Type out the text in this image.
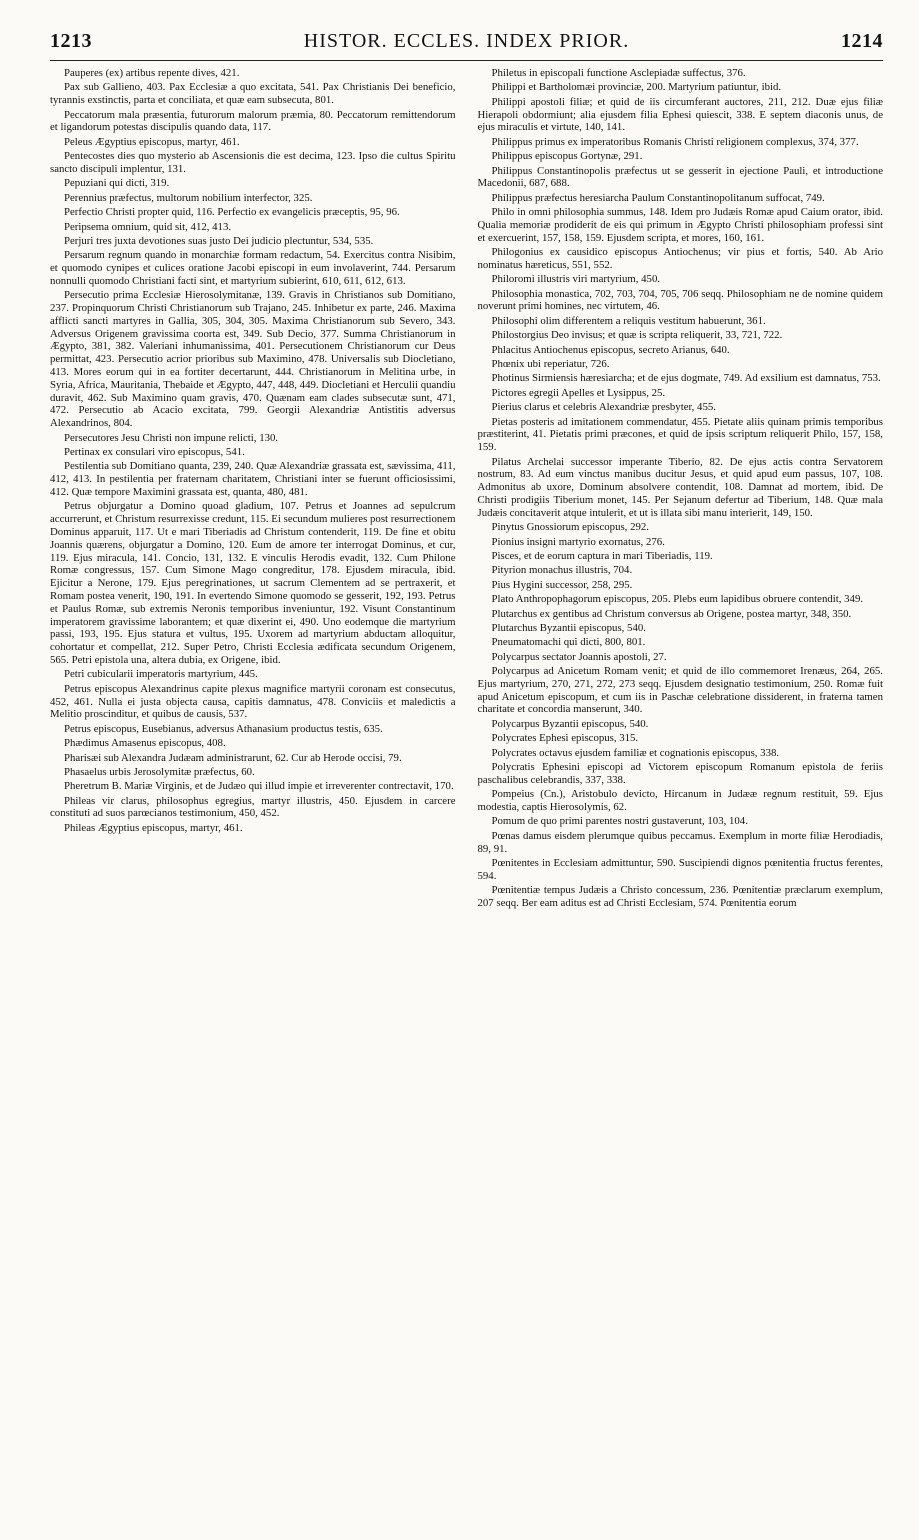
1213	HISTOR. ECCLES. INDEX PRIOR.	1214

Pauperes (ex) artibus repente dives, 421.

Pax sub Gallieno, 403. Pax Ecclesiæ a quo excitata, 541. Pax Christianis Dei beneficio, tyrannis exstinctis, parta et conciliata, et quæ eam subsecuta, 801.

Peccatorum mala præsentia, futurorum malorum præmia, 80. Peccatorum remittendorum et ligandorum potestas discipulis quando data, 117.

Peleus Ægyptius episcopus, martyr, 461.

Pentecostes dies quo mysterio ab Ascensionis die est decima, 123. Ipso die cultus Spiritu sancto discipuli implentur, 131.

Pepuziani qui dicti, 319.

Perennius præfectus, multorum nobilium interfector, 325.

Perfectio Christi propter quid, 116. Perfectio ex evangelicis præceptis, 95, 96.

Peripsema omnium, quid sit, 412, 413.

Perjuri tres juxta devotiones suas justo Dei judicio plectuntur, 534, 535.

Persarum regnum quando in monarchiæ formam redactum, 54. Exercitus contra Nisibim, et quomodo cynipes et culices oratione Jacobi episcopi in eum involaverint, 744. Persarum nonnulli quomodo Christiani facti sint, et martyrium subierint, 610, 611, 612, 613.

Persecutio prima Ecclesiæ Hierosolymitanæ, 139. Gravis in Christianos sub Domitiano, 237. Propinquorum Christi Christianorum sub Trajano, 245. Inhibetur ex parte, 246. Maxima afflicti sancti martyres in Gallia, 305, 304, 305. Maxima Christianorum sub Severo, 343. Adversus Origenem gravissima coorta est, 349. Sub Decio, 377. Summa Christianorum in Ægypto, 381, 382. Valeriani inhumanissima, 401. Persecutionem Christianorum cur Deus permittat, 423. Persecutio acrior prioribus sub Maximino, 478. Universalis sub Diocletiano, 413. Mores eorum qui in ea fortiter decertarunt, 444. Christianorum in Melitina urbe, in Syria, Africa, Mauritania, Thebaide et Ægypto, 447, 448, 449. Diocletiani et Herculii quandiu duravit, 462. Sub Maximino quam gravis, 470. Quænam eam clades subsecutæ sunt, 471, 472. Persecutio ab Acacio excitata, 799. Georgii Alexandriæ Antistitis adversus Alexandrinos, 804.

Persecutores Jesu Christi non impune relicti, 130.

Pertinax ex consulari viro episcopus, 541.

Pestilentia sub Domitiano quanta, 239, 240. Quæ Alexandriæ grassata est, sævissima, 411, 412, 413. In pestilentia per fraternam charitatem, Christiani inter se fuerunt officiosissimi, 412. Quæ tempore Maximini grassata est, quanta, 480, 481.

Petrus objurgatur a Domino quoad gladium, 107. Petrus et Joannes ad sepulcrum accurrerunt, et Christum resurrexisse credunt, 115. Ei secundum mulieres post resurrectionem Dominus apparuit, 117. Ut e mari Tiberiadis ad Christum contenderit, 119. De fine et obitu Joannis quærens, objurgatur a Domino, 120. Eum de amore ter interrogat Dominus, et cur, 119. Ejus miracula, 141. Concio, 131, 132. E vinculis Herodis evadit, 132. Cum Philone Romæ congressus, 157. Cum Simone Mago congreditur, 178. Ejusdem miracula, ibid. Ejicitur a Nerone, 179. Ejus peregrinationes, ut sacrum Clementem ad se pertraxerit, et Romam postea venerit, 190, 191. In evertendo Simone quomodo se gesserit, 192, 193. Petrus et Paulus Romæ, sub extremis Neronis temporibus inveniuntur, 192. Visunt Constantinum imperatorem gravissime laborantem; et quæ dixerint ei, 490. Uno eodemque die martyrium passi, 193, 195. Ejus statura et vultus, 195. Uxorem ad martyrium abductam alloquitur, cohortatur et compellat, 212. Super Petro, Christi Ecclesia ædificata secundum Origenem, 565. Petri epistola una, altera dubia, ex Origene, ibid.

Petri cubicularii imperatoris martyrium, 445.

Petrus episcopus Alexandrinus capite plexus magnifice martyrii coronam est consecutus, 452, 461. Nulla ei justa objecta causa, capitis damnatus, 478. Conviciis et maledictis a Melitio proscinditur, et quibus de causis, 537.

Petrus episcopus, Eusebianus, adversus Athanasium productus testis, 635.

Phædimus Amasenus episcopus, 408.

Pharisæi sub Alexandra Judæam administrarunt, 62. Cur ab Herode occisi, 79.

Phasaelus urbis Jerosolymitæ præfectus, 60.

Pheretrum B. Mariæ Virginis, et de Judæo qui illud impie et irreverenter contrectavit, 170.

Phileas vir clarus, philosophus egregius, martyr illustris, 450. Ejusdem in carcere constituti ad suos parœcianos testimonium, 450, 452.

Phileas Ægyptius episcopus, martyr, 461.

Philetus in episcopali functione Asclepiadæ suffectus, 376.

Philippi et Bartholomæi provinciæ, 200. Martyrium patiuntur, ibid.

Philippi apostoli filiæ; et quid de iis circumferant auctores, 211, 212. Duæ ejus filiæ Hierapoli obdormiunt; alia ejusdem filia Ephesi quiescit, 338. E septem diaconis unus, de ejus miraculis et virtute, 140, 141.

Philippus primus ex imperatoribus Romanis Christi religionem complexus, 374, 377.

Philippus episcopus Gortynæ, 291.

Philippus Constantinopolis præfectus ut se gesserit in ejectione Pauli, et introductione Macedonii, 687, 688.

Philippus præfectus heresiarcha Paulum Constantinopolitanum suffocat, 749.

Philo in omni philosophia summus, 148. Idem pro Judæis Romæ apud Caium orator, ibid. Qualia memoriæ prodiderit de eis qui primum in Ægypto Christi philosophiam professi sint et exercuerint, 157, 158, 159. Ejusdem scripta, et mores, 160, 161.

Philogonius ex causidico episcopus Antiochenus; vir pius et fortis, 540. Ab Ario nominatus hæreticus, 551, 552.

Philoromi illustris viri martyrium, 450.

Philosophia monastica, 702, 703, 704, 705, 706 seqq. Philosophiam ne de nomine quidem noverunt primi homines, nec virtutem, 46.

Philosophi olim differentem a reliquis vestitum habuerunt, 361.

Philostorgius Deo invisus; et quæ is scripta reliquerit, 33, 721, 722.

Phlacitus Antiochenus episcopus, secreto Arianus, 640.

Phœnix ubi reperiatur, 726.

Photinus Sirmiensis hæresiarcha; et de ejus dogmate, 749. Ad exsilium est damnatus, 753.

Pictores egregii Apelles et Lysippus, 25.

Pierius clarus et celebris Alexandriæ presbyter, 455.

Pietas posteris ad imitationem commendatur, 455. Pietate aliis quinam primis temporibus præstiterint, 41. Pietatis primi præcones, et quid de ipsis scriptum reliquerit Philo, 157, 158, 159.

Pilatus Archelai successor imperante Tiberio, 82. De ejus actis contra Servatorem nostrum, 83. Ad eum vinctus manibus ducitur Jesus, et quid apud eum passus, 107, 108. Admonitus ab uxore, Dominum absolvere contendit, 108. Damnat ad mortem, ibid. De Christi prodigiis Tiberium monet, 145. Per Sejanum defertur ad Tiberium, 148. Quæ mala Judæis concitaverit atque intulerit, et ut is illata sibi manu interierit, 149, 150.

Pinytus Gnossiorum episcopus, 292.

Pionius insigni martyrio exornatus, 276.

Pisces, et de eorum captura in mari Tiberiadis, 119.

Pityrion monachus illustris, 704.

Pius Hygini successor, 258, 295.

Plato Anthropophagorum episcopus, 205. Plebs eum lapidibus obruere contendit, 349.

Plutarchus ex gentibus ad Christum conversus ab Origene, postea martyr, 348, 350.

Plutarchus Byzantii episcopus, 540.

Pneumatomachi qui dicti, 800, 801.

Polycarpus sectator Joannis apostoli, 27.

Polycarpus ad Anicetum Romam venit; et quid de illo commemoret Irenæus, 264, 265. Ejus martyrium, 270, 271, 272, 273 seqq. Ejusdem designatio testimonium, 250. Romæ fuit apud Anicetum episcopum, et cum iis in Paschæ celebratione dissiderent, in fraterna tamen charitate et concordia manserunt, 340.

Polycarpus Byzantii episcopus, 540.

Polycrates Ephesi episcopus, 315.

Polycrates octavus ejusdem familiæ et cognationis episcopus, 338.

Polycratis Ephesini episcopi ad Victorem episcopum Romanum epistola de feriis paschalibus celebrandis, 337, 338.

Pompeius (Cn.), Aristobulo devicto, Hircanum in Judææ regnum restituit, 59. Ejus modestia, captis Hierosolymis, 62.

Pomum de quo primi parentes nostri gustaverunt, 103, 104.

Pœnas damus eisdem plerumque quibus peccamus. Exemplum in morte filiæ Herodiadis, 89, 91.

Pœnitentes in Ecclesiam admittuntur, 590. Suscipiendi dignos pœnitentia fructus ferentes, 594.

Pœnitentiæ tempus Judæis a Christo concessum, 236. Pœnitentiæ præclarum exemplum, 207 seqq. Ber eam aditus est ad Christi Ecclesiam, 574. Pœnitentia eorum
